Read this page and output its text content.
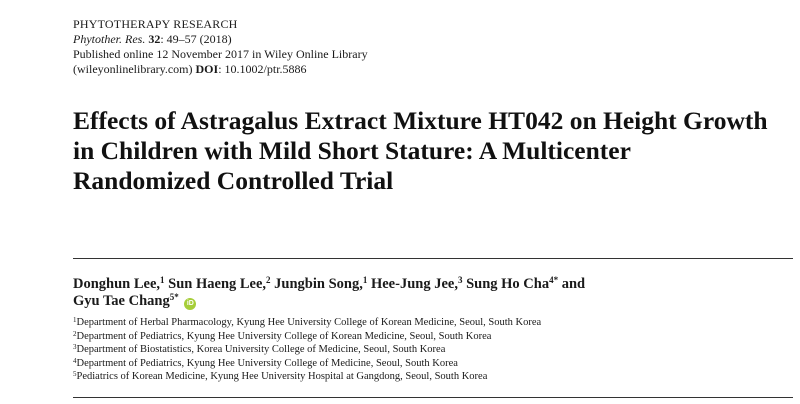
PHYTOTHERAPY RESEARCH
Phytother. Res. 32: 49–57 (2018)
Published online 12 November 2017 in Wiley Online Library
(wileyonlinelibrary.com) DOI: 10.1002/ptr.5886
Effects of Astragalus Extract Mixture HT042 on Height Growth in Children with Mild Short Stature: A Multicenter Randomized Controlled Trial
Donghun Lee,$^1$ Sun Haeng Lee,$^2$ Jungbin Song,$^1$ Hee-Jung Jee,$^3$ Sung Ho Cha$^{4*}$ and
Gyu Tae Chang$^{5*}$ iD
$^1$Department of Herbal Pharmacology, Kyung Hee University College of Korean Medicine, Seoul, South Korea
$^2$Department of Pediatrics, Kyung Hee University College of Korean Medicine, Seoul, South Korea
$^3$Department of Biostatistics, Korea University College of Medicine, Seoul, South Korea
$^4$Department of Pediatrics, Kyung Hee University College of Medicine, Seoul, South Korea
$^5$Pediatrics of Korean Medicine, Kyung Hee University Hospital at Gangdong, Seoul, South Korea
